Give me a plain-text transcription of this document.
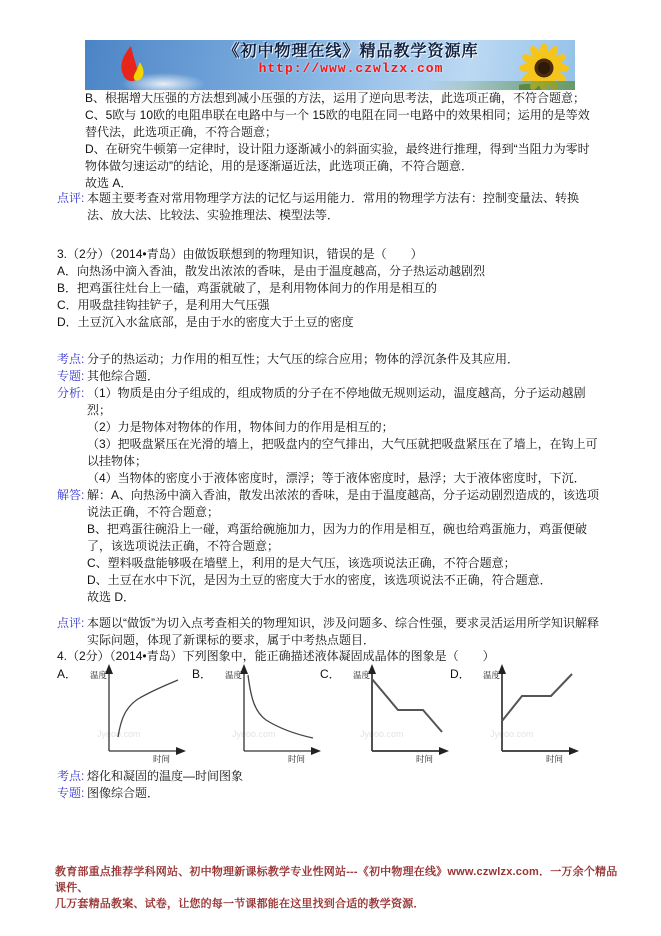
《初中物理在线》精品教学资源库
http://www.czwlzx.com

B、根据增大压强的方法想到减小压强的方法，运用了逆向思考法，此选项正确，不符合题意；

C、5欧与 10欧的电阻串联在电路中与一个 15欧的电阻在同一电路中的效果相同；运用的是等效替代法，此选项正确，不符合题意；

D、在研究牛顿第一定律时，设计阻力逐渐减小的斜面实验，最终进行推理，得到“当阻力为零时物体做匀速运动”的结论，用的是逐渐逼近法，此选项正确，不符合题意．

故选 A．

点评: 本题主要考查对常用物理学方法的记忆与运用能力．常用的物理学方法有：控制变量法、转换法、放大法、比较法、实验推理法、模型法等．

3.（2分）（2014•青岛）由做饭联想到的物理知识，错误的是（　　）

A．向热汤中滴入香油，散发出浓浓的香味，是由于温度越高，分子热运动越剧烈

B．把鸡蛋往灶台上一磕，鸡蛋就破了，是利用物体间力的作用是相互的

C．用吸盘挂钩挂铲子，是利用大气压强

D．土豆沉入水盆底部，是由于水的密度大于土豆的密度

考点: 分子的热运动；力作用的相互性；大气压的综合应用；物体的浮沉条件及其应用．

专题: 其他综合题．

分析: （1）物质是由分子组成的，组成物质的分子在不停地做无规则运动，温度越高，分子运动越剧烈；

（2）力是物体对物体的作用，物体间力的作用是相互的；

（3）把吸盘紧压在光滑的墙上，把吸盘内的空气排出，大气压就把吸盘紧压在了墙上，在钩上可以挂物体；

（4）当物体的密度小于液体密度时，漂浮；等于液体密度时，悬浮；大于液体密度时，下沉．

解答: 解：A、向热汤中滴入香油，散发出浓浓的香味，是由于温度越高，分子运动剧烈造成的，该选项说法正确，不符合题意；

B、把鸡蛋往碗沿上一碰，鸡蛋给碗施加力，因为力的作用是相互，碗也给鸡蛋施力，鸡蛋便破了，该选项说法正确，不符合题意；

C、塑料吸盘能够吸在墙壁上，利用的是大气压，该选项说法正确，不符合题意；

D、土豆在水中下沉，是因为土豆的密度大于水的密度，该选项说法不正确，符合题意．

故选 D．

点评: 本题以“做饭”为切入点考查相关的物理知识，涉及问题多、综合性强，要求灵活运用所学知识解释实际问题，体现了新课标的要求，属于中考热点题目．

4.（2分）（2014•青岛）下列图象中，能正确描述液体凝固成晶体的图象是（　　）

A．
Jyeoo.com
温度
时间
B．
Jyeoo.com
温度
时间
C．
Jyeoo.com
温度
时间
D．
Jyeoo.com
温度
时间
考点: 熔化和凝固的温度—时间图象

专题: 图像综合题．

教育部重点推荐学科网站、初中物理新课标教学专业性网站---《初中物理在线》www.czwlzx.com．一万余个精品课件、

几万套精品教案、试卷，让您的每一节课都能在这里找到合适的教学资源．
